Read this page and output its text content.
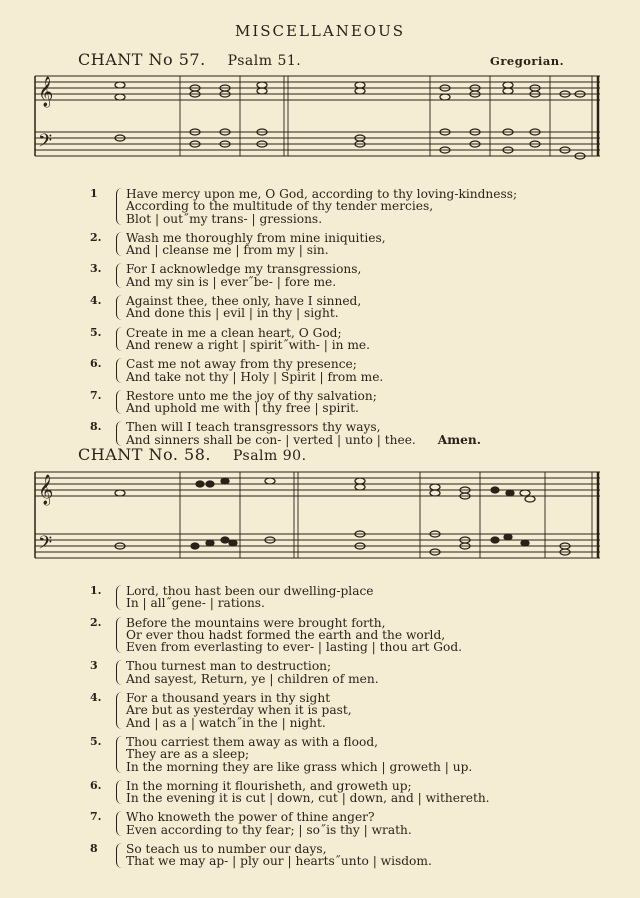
MISCELLANEOUS
CHANT No 57. Psalm 51.	Gregorian.
𝄞
𝄢
1	Have mercy upon me, O God, according to thy loving-kindness;
According to the multitude of thy tender mercies,
Blot | out˝my trans- | gressions.
2.	Wash me thoroughly from mine iniquities,
And | cleanse me | from my | sin.
3.	For I acknowledge my transgressions,
And my sin is | ever˝be- | fore me.
4.	Against thee, thee only, have I sinned,
And done this | evil | in thy | sight.
5.	Create in me a clean heart, O God;
And renew a right | spirit˝with- | in me.
6.	Cast me not away from thy presence;
And take not thy | Holy | Spirit | from me.
7.	Restore unto me the joy of thy salvation;
And uphold me with | thy free | spirit.
8.	Then will I teach transgressors thy ways,
And sinners shall be con- | verted | unto | thee. Amen.
CHANT No. 58. Psalm 90.
𝄞
𝄢
1.	Lord, thou hast been our dwelling-place
In | all˝gene- | rations.
2.	Before the mountains were brought forth,
Or ever thou hadst formed the earth and the world,
Even from everlasting to ever- | lasting | thou art God.
3	Thou turnest man to destruction;
And sayest, Return, ye | children of men.
4.	For a thousand years in thy sight
Are but as yesterday when it is past,
And | as a | watch˝in the | night.
5.	Thou carriest them away as with a flood,
They are as a sleep;
In the morning they are like grass which | groweth | up.
6.	In the morning it flourisheth, and groweth up;
In the evening it is cut | down, cut | down, and | withereth.
7.	Who knoweth the power of thine anger?
Even according to thy fear; | so˝is thy | wrath.
8	So teach us to number our days,
That we may ap- | ply our | hearts˝unto | wisdom.
